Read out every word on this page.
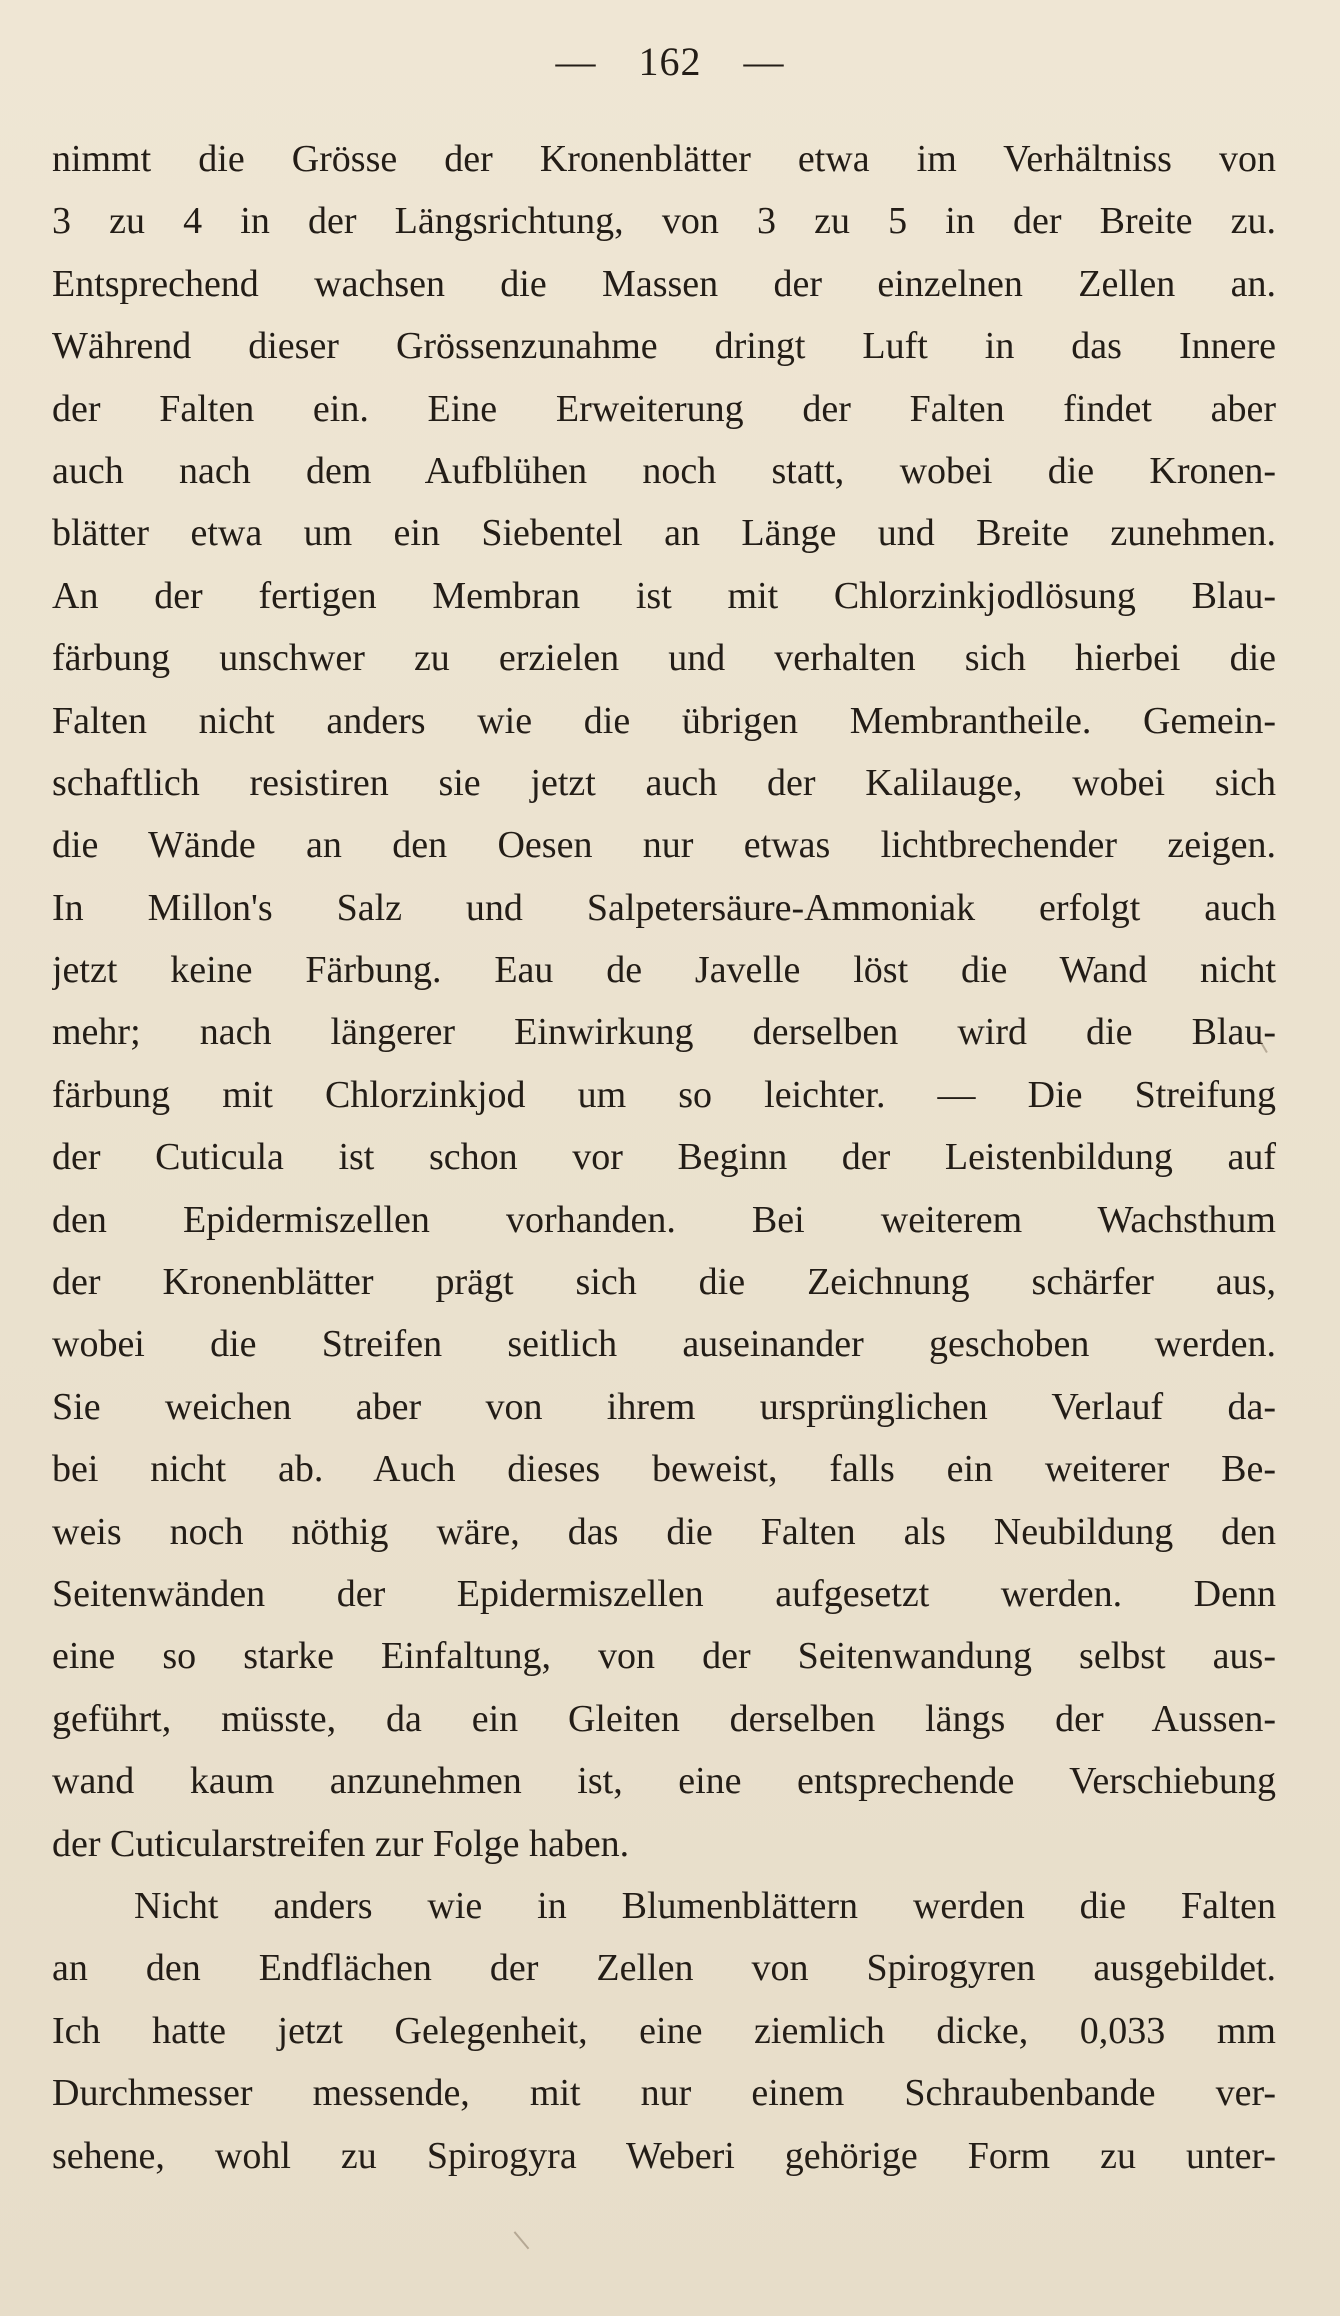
— 162 —
nimmt die Grösse der Kronenblätter etwa im Verhältniss von
3 zu 4 in der Längsrichtung, von 3 zu 5 in der Breite zu.
Entsprechend wachsen die Massen der einzelnen Zellen an.
Während dieser Grössenzunahme dringt Luft in das Innere
der Falten ein. Eine Erweiterung der Falten findet aber
auch nach dem Aufblühen noch statt, wobei die Kronen-
blätter etwa um ein Siebentel an Länge und Breite zunehmen.
An der fertigen Membran ist mit Chlorzinkjodlösung Blau-
färbung unschwer zu erzielen und verhalten sich hierbei die
Falten nicht anders wie die übrigen Membrantheile. Gemein-
schaftlich resistiren sie jetzt auch der Kalilauge, wobei sich
die Wände an den Oesen nur etwas lichtbrechender zeigen.
In Millon's Salz und Salpetersäure-Ammoniak erfolgt auch
jetzt keine Färbung. Eau de Javelle löst die Wand nicht
mehr; nach längerer Einwirkung derselben wird die Blau-
färbung mit Chlorzinkjod um so leichter. — Die Streifung
der Cuticula ist schon vor Beginn der Leistenbildung auf
den Epidermiszellen vorhanden. Bei weiterem Wachsthum
der Kronenblätter prägt sich die Zeichnung schärfer aus,
wobei die Streifen seitlich auseinander geschoben werden.
Sie weichen aber von ihrem ursprünglichen Verlauf da-
bei nicht ab. Auch dieses beweist, falls ein weiterer Be-
weis noch nöthig wäre, das die Falten als Neubildung den
Seitenwänden der Epidermiszellen aufgesetzt werden. Denn
eine so starke Einfaltung, von der Seitenwandung selbst aus-
geführt, müsste, da ein Gleiten derselben längs der Aussen-
wand kaum anzunehmen ist, eine entsprechende Verschiebung
der Cuticularstreifen zur Folge haben.
Nicht anders wie in Blumenblättern werden die Falten
an den Endflächen der Zellen von Spirogyren ausgebildet.
Ich hatte jetzt Gelegenheit, eine ziemlich dicke, 0,033 mm
Durchmesser messende, mit nur einem Schraubenbande ver-
sehene, wohl zu Spirogyra Weberi gehörige Form zu unter-
